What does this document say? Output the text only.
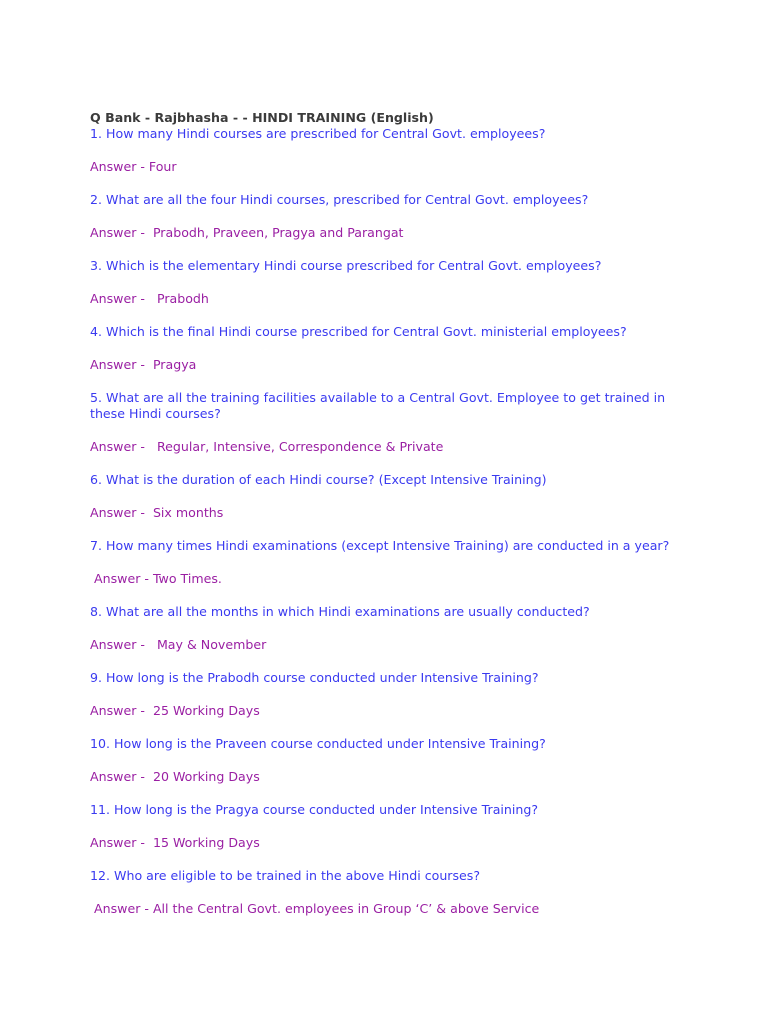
Q Bank - Rajbhasha - - HINDI TRAINING (English)
1. How many Hindi courses are prescribed for Central Govt. employees?
Answer - Four
2. What are all the four Hindi courses, prescribed for Central Govt. employees?
Answer -  Prabodh, Praveen, Pragya and Parangat
3. Which is the elementary Hindi course prescribed for Central Govt. employees?
Answer -   Prabodh
4. Which is the final Hindi course prescribed for Central Govt. ministerial employees?
Answer -  Pragya
5. What are all the training facilities available to a Central Govt. Employee to get trained in these Hindi courses?
Answer -   Regular, Intensive, Correspondence & Private
6. What is the duration of each Hindi course? (Except Intensive Training)
Answer -  Six months
7. How many times Hindi examinations (except Intensive Training) are conducted in a year?
Answer - Two Times.
8. What are all the months in which Hindi examinations are usually conducted?
Answer -   May & November
9. How long is the Prabodh course conducted under Intensive Training?
Answer -  25 Working Days
10. How long is the Praveen course conducted under Intensive Training?
Answer -  20 Working Days
11. How long is the Pragya course conducted under Intensive Training?
Answer -  15 Working Days
12. Who are eligible to be trained in the above Hindi courses?
Answer - All the Central Govt. employees in Group ‘C’ & above Service
